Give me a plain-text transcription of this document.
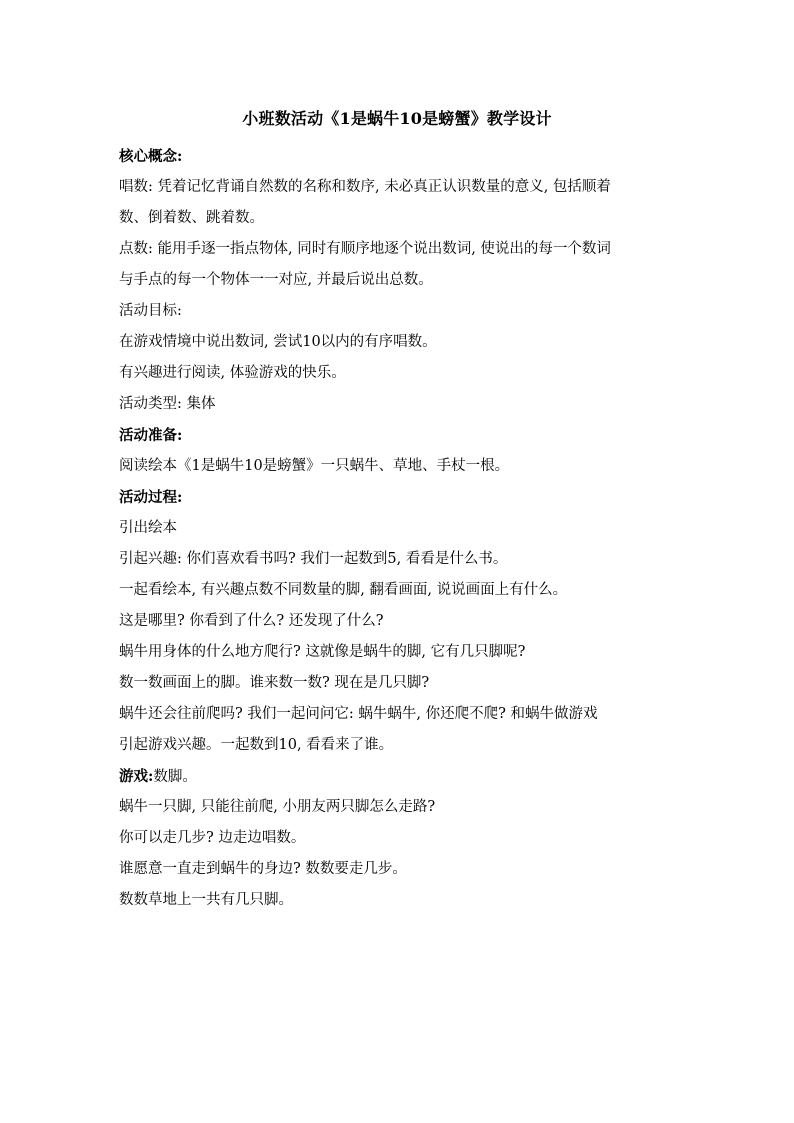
小班数活动《1是蜗牛10是螃蟹》教学设计
核心概念:
唱数: 凭着记忆背诵自然数的名称和数序, 未必真正认识数量的意义, 包括顺着
数、倒着数、跳着数。
点数: 能用手逐一指点物体, 同时有顺序地逐个说出数词, 使说出的每一个数词
与手点的每一个物体一一对应, 并最后说出总数。
活动目标:
在游戏情境中说出数词, 尝试10以内的有序唱数。
有兴趣进行阅读, 体验游戏的快乐。
活动类型: 集体
活动准备:
阅读绘本《1是蜗牛10是螃蟹》一只蜗牛、草地、手杖一根。
活动过程:
引出绘本
引起兴趣: 你们喜欢看书吗? 我们一起数到5, 看看是什么书。
一起看绘本, 有兴趣点数不同数量的脚, 翻看画面, 说说画面上有什么。
这是哪里? 你看到了什么? 还发现了什么?
蜗牛用身体的什么地方爬行? 这就像是蜗牛的脚, 它有几只脚呢?
数一数画面上的脚。谁来数一数? 现在是几只脚?
蜗牛还会往前爬吗? 我们一起问问它: 蜗牛蜗牛, 你还爬不爬? 和蜗牛做游戏
引起游戏兴趣。一起数到10, 看看来了谁。
游戏:数脚。
蜗牛一只脚, 只能往前爬, 小朋友两只脚怎么走路?
你可以走几步? 边走边唱数。
谁愿意一直走到蜗牛的身边? 数数要走几步。
数数草地上一共有几只脚。
